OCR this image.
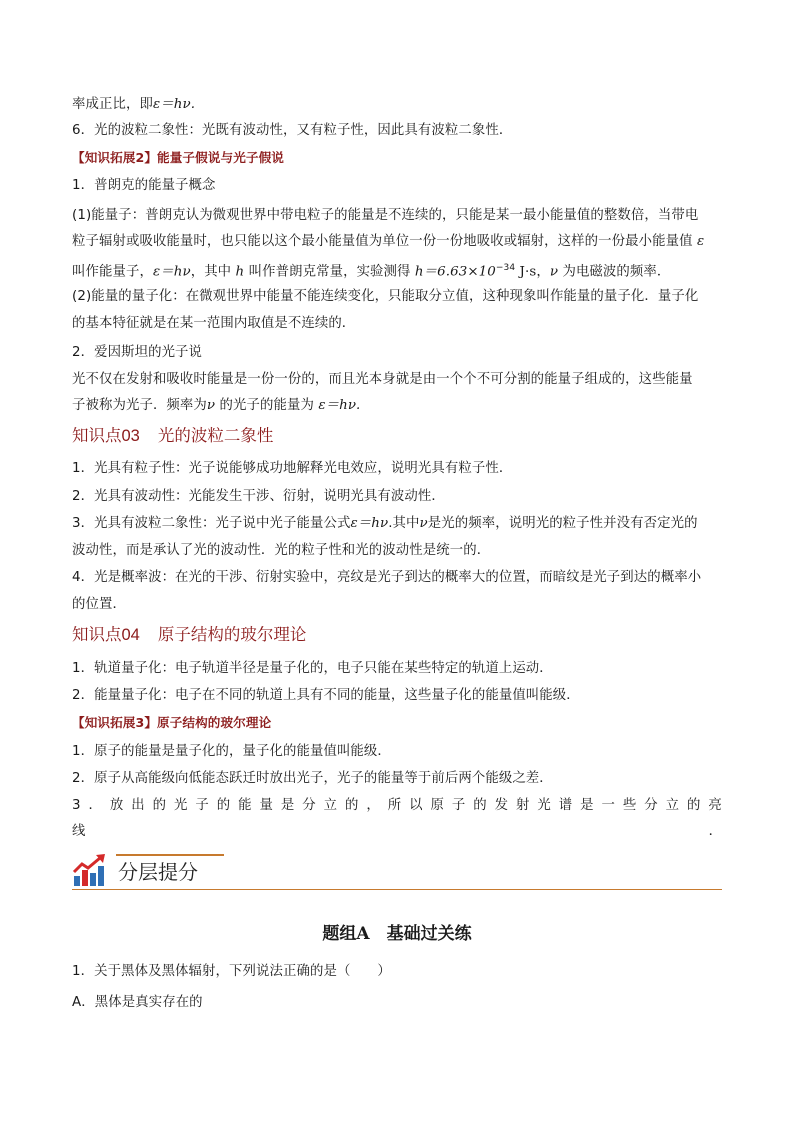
率成正比，即ε＝hν.
6．光的波粒二象性：光既有波动性，又有粒子性，因此具有波粒二象性．
【知识拓展2】能量子假说与光子假说
1．普朗克的能量子概念
(1)能量子：普朗克认为微观世界中带电粒子的能量是不连续的，只能是某一最小能量值的整数倍，当带电
粒子辐射或吸收能量时，也只能以这个最小能量值为单位一份一份地吸收或辐射，这样的一份最小能量值 ε
叫作能量子，ε＝hν，其中 h 叫作普朗克常量，实验测得 $h=6.63\times 10^{-34}$ J·s，ν 为电磁波的频率．
(2)能量的量子化：在微观世界中能量不能连续变化，只能取分立值，这种现象叫作能量的量子化．量子化
的基本特征就是在某一范围内取值是不连续的．
2．爱因斯坦的光子说
光不仅在发射和吸收时能量是一份一份的，而且光本身就是由一个个不可分割的能量子组成的，这些能量
子被称为光子．频率为ν 的光子的能量为 ε＝hν.
知识点03 光的波粒二象性
1．光具有粒子性：光子说能够成功地解释光电效应，说明光具有粒子性．
2．光具有波动性：光能发生干涉、衍射，说明光具有波动性．
3．光具有波粒二象性：光子说中光子能量公式ε＝hν.其中ν是光的频率，说明光的粒子性并没有否定光的
波动性，而是承认了光的波动性．光的粒子性和光的波动性是统一的．
4．光是概率波：在光的干涉、衍射实验中，亮纹是光子到达的概率大的位置，而暗纹是光子到达的概率小
的位置．
知识点04 原子结构的玻尔理论
1．轨道量子化：电子轨道半径是量子化的，电子只能在某些特定的轨道上运动．
2．能量量子化：电子在不同的轨道上具有不同的能量，这些量子化的能量值叫能级．
【知识拓展3】原子结构的玻尔理论
1．原子的能量是量子化的，量子化的能量值叫能级．
2．原子从高能级向低能态跃迁时放出光子，光子的能量等于前后两个能级之差．
3 ． 放 出 的 光 子 的 能 量 是 分 立 的 ， 所 以 原 子 的 发 射 光 谱 是 一 些 分 立 的 亮
线	．
分层提分
题组A　基础过关练
1．关于黑体及黑体辐射，下列说法正确的是（　　）
A．黑体是真实存在的
